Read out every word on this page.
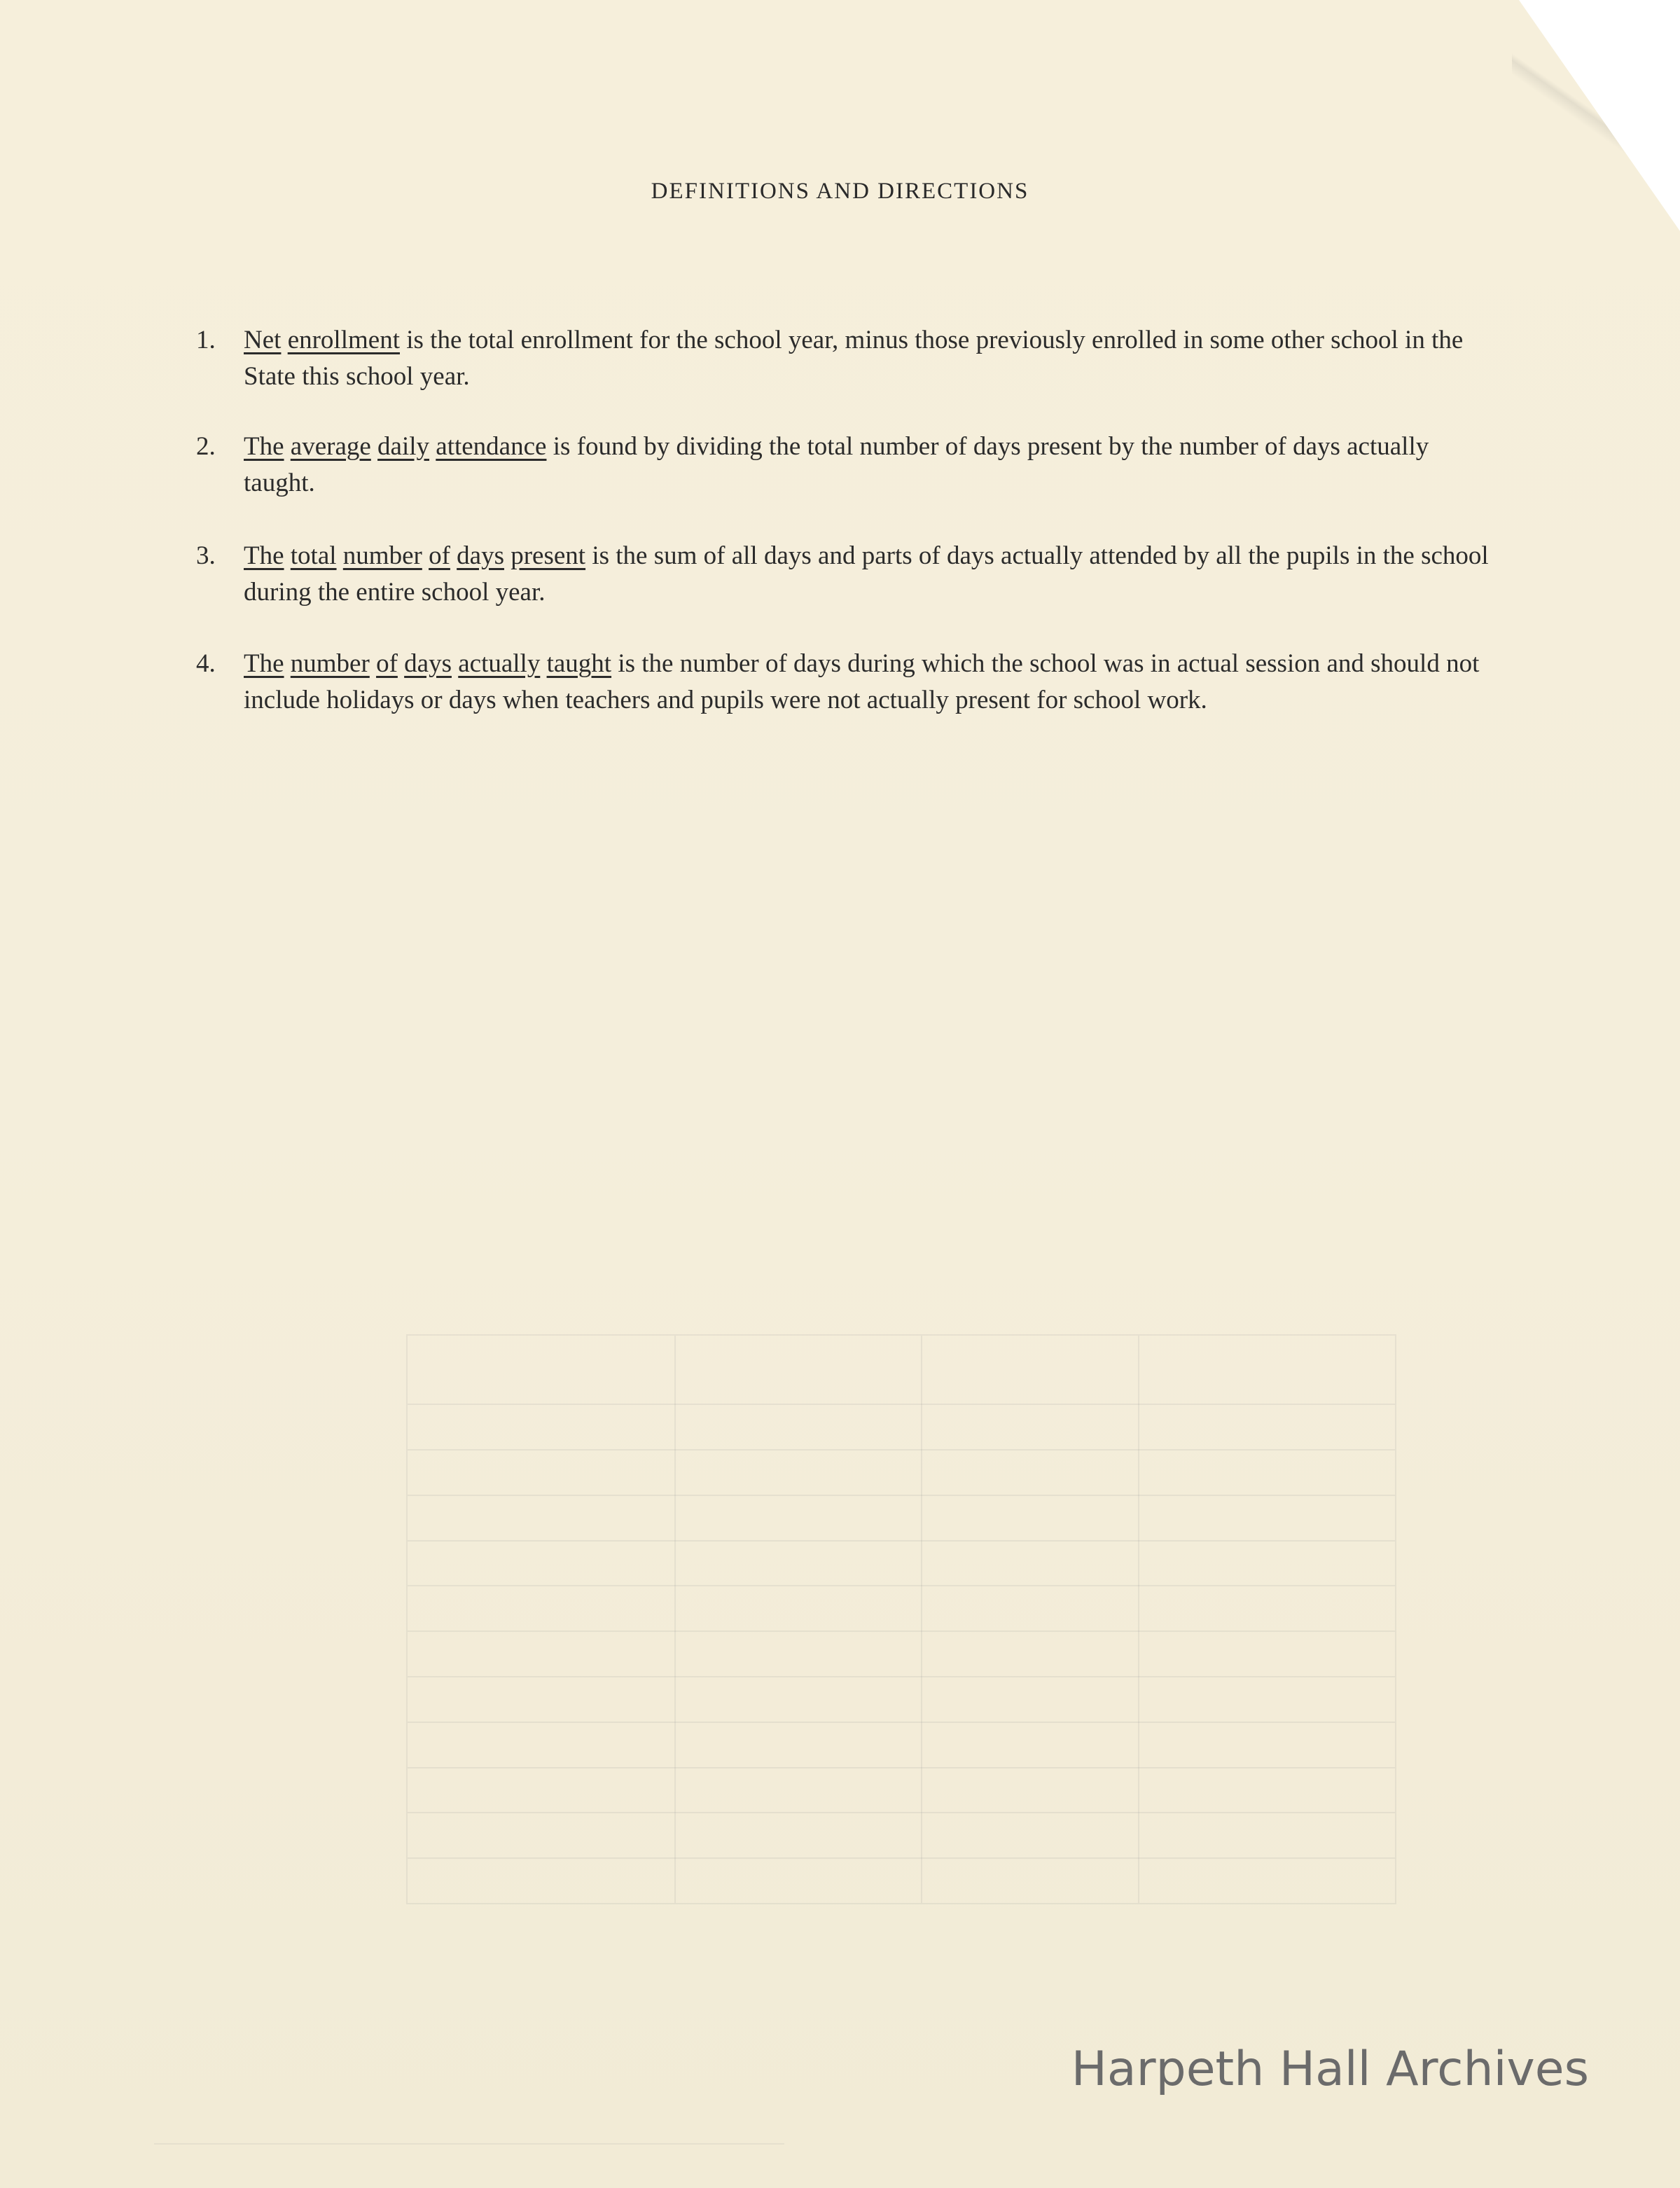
DEFINITIONS AND DIRECTIONS
1.	Net enrollment is the total enrollment for the school year, minus those previously enrolled in some other school in the State this school year.
2.	The average daily attendance is found by dividing the total number of days present by the number of days actually taught.
3.	The total number of days present is the sum of all days and parts of days actually attended by all the pupils in the school during the entire school year.
4.	The number of days actually taught is the number of days during which the school was in actual session and should not include holidays or days when teachers and pupils were not actually present for school work.
Harpeth Hall Archives
